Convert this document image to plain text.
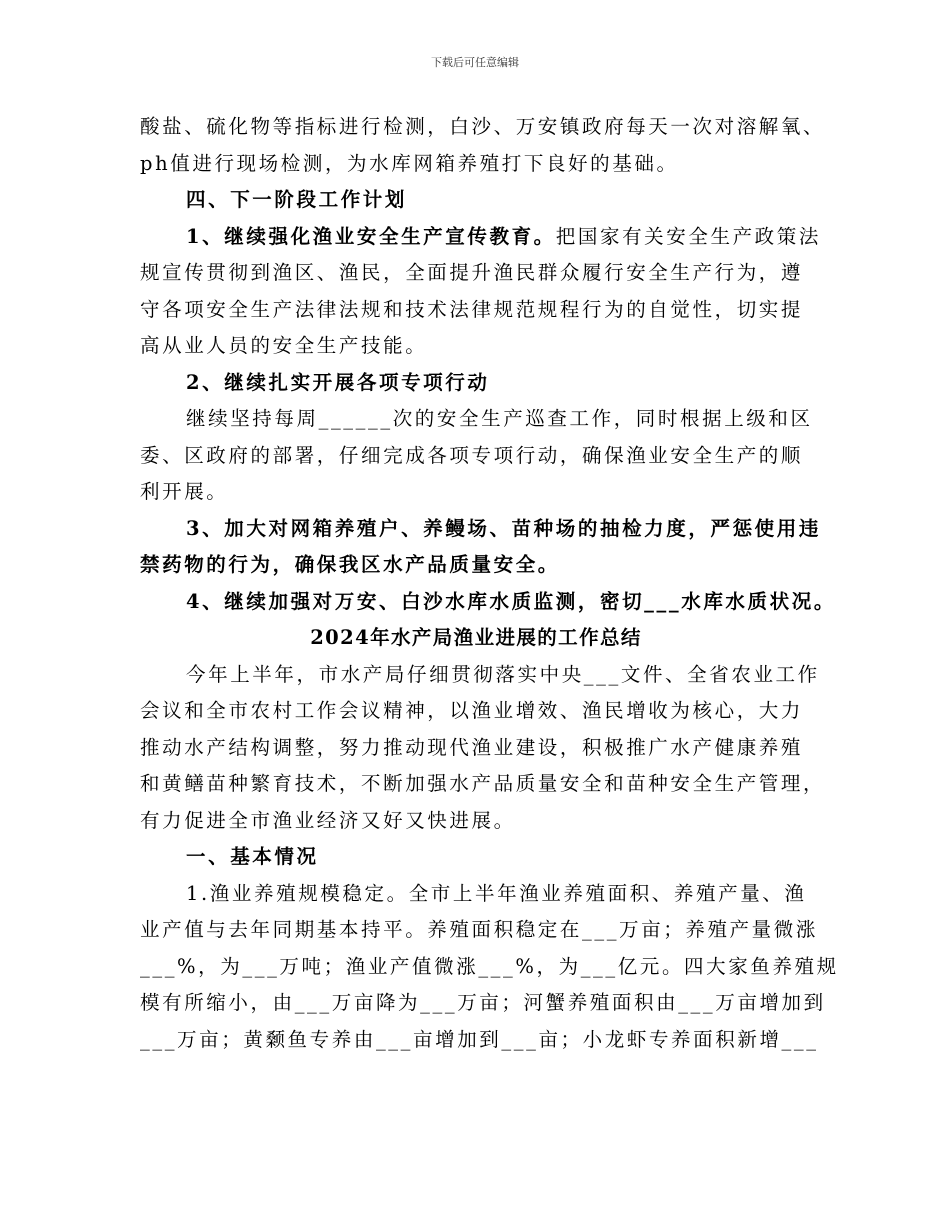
下载后可任意编辑
酸盐、硫化物等指标进行检测，白沙、万安镇政府每天一次对溶解氧、
ph值进行现场检测，为水库网箱养殖打下良好的基础。
四、下一阶段工作计划
1、继续强化渔业安全生产宣传教育。把国家有关安全生产政策法
规宣传贯彻到渔区、渔民，全面提升渔民群众履行安全生产行为，遵
守各项安全生产法律法规和技术法律规范规程行为的自觉性，切实提
高从业人员的安全生产技能。
2、继续扎实开展各项专项行动
继续坚持每周______次的安全生产巡查工作，同时根据上级和区
委、区政府的部署，仔细完成各项专项行动，确保渔业安全生产的顺
利开展。
3、加大对网箱养殖户、养鳗场、苗种场的抽检力度，严惩使用违
禁药物的行为，确保我区水产品质量安全。
4、继续加强对万安、白沙水库水质监测，密切___水库水质状况。
2024年水产局渔业进展的工作总结
今年上半年，市水产局仔细贯彻落实中央___文件、全省农业工作
会议和全市农村工作会议精神，以渔业增效、渔民增收为核心，大力
推动水产结构调整，努力推动现代渔业建设，积极推广水产健康养殖
和黄鳝苗种繁育技术，不断加强水产品质量安全和苗种安全生产管理，
有力促进全市渔业经济又好又快进展。
一、基本情况
1.渔业养殖规模稳定。全市上半年渔业养殖面积、养殖产量、渔
业产值与去年同期基本持平。养殖面积稳定在___万亩；养殖产量微涨
___%，为___万吨；渔业产值微涨___%，为___亿元。四大家鱼养殖规
模有所缩小，由___万亩降为___万亩；河蟹养殖面积由___万亩增加到
___万亩；黄颡鱼专养由___亩增加到___亩；小龙虾专养面积新增___
